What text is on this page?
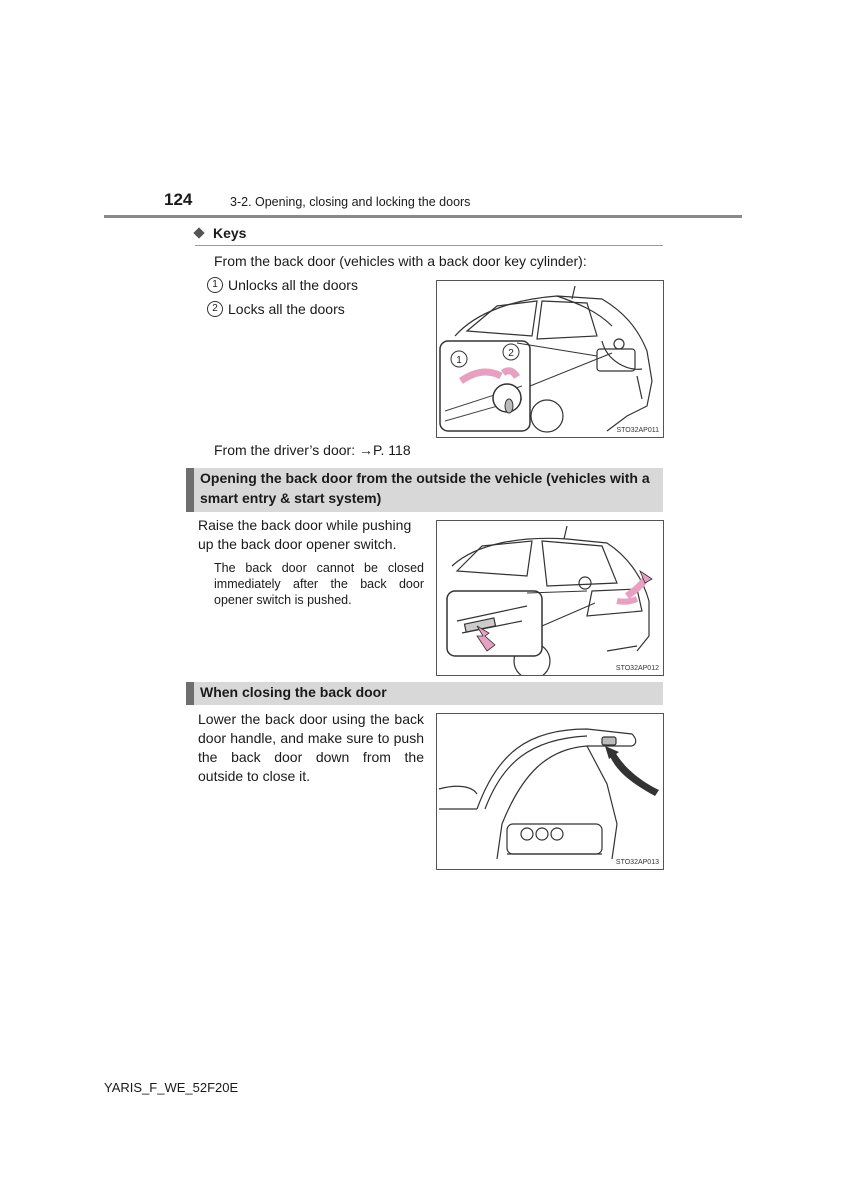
124	3-2. Opening, closing and locking the doors
Keys
From the back door (vehicles with a back door key cylinder):
1 Unlocks all the doors
2 Locks all the doors
1
2
STO32AP011
From the driver’s door: →P. 118
Opening the back door from the outside the vehicle (vehicles with a smart entry & start system)
Raise the back door while pushing up the back door opener switch.
The back door cannot be closed immediately after the back door opener switch is pushed.
STO32AP012
When closing the back door
Lower the back door using the back door handle, and make sure to push the back door down from the outside to close it.
STO32AP013
YARIS_F_WE_52F20E
